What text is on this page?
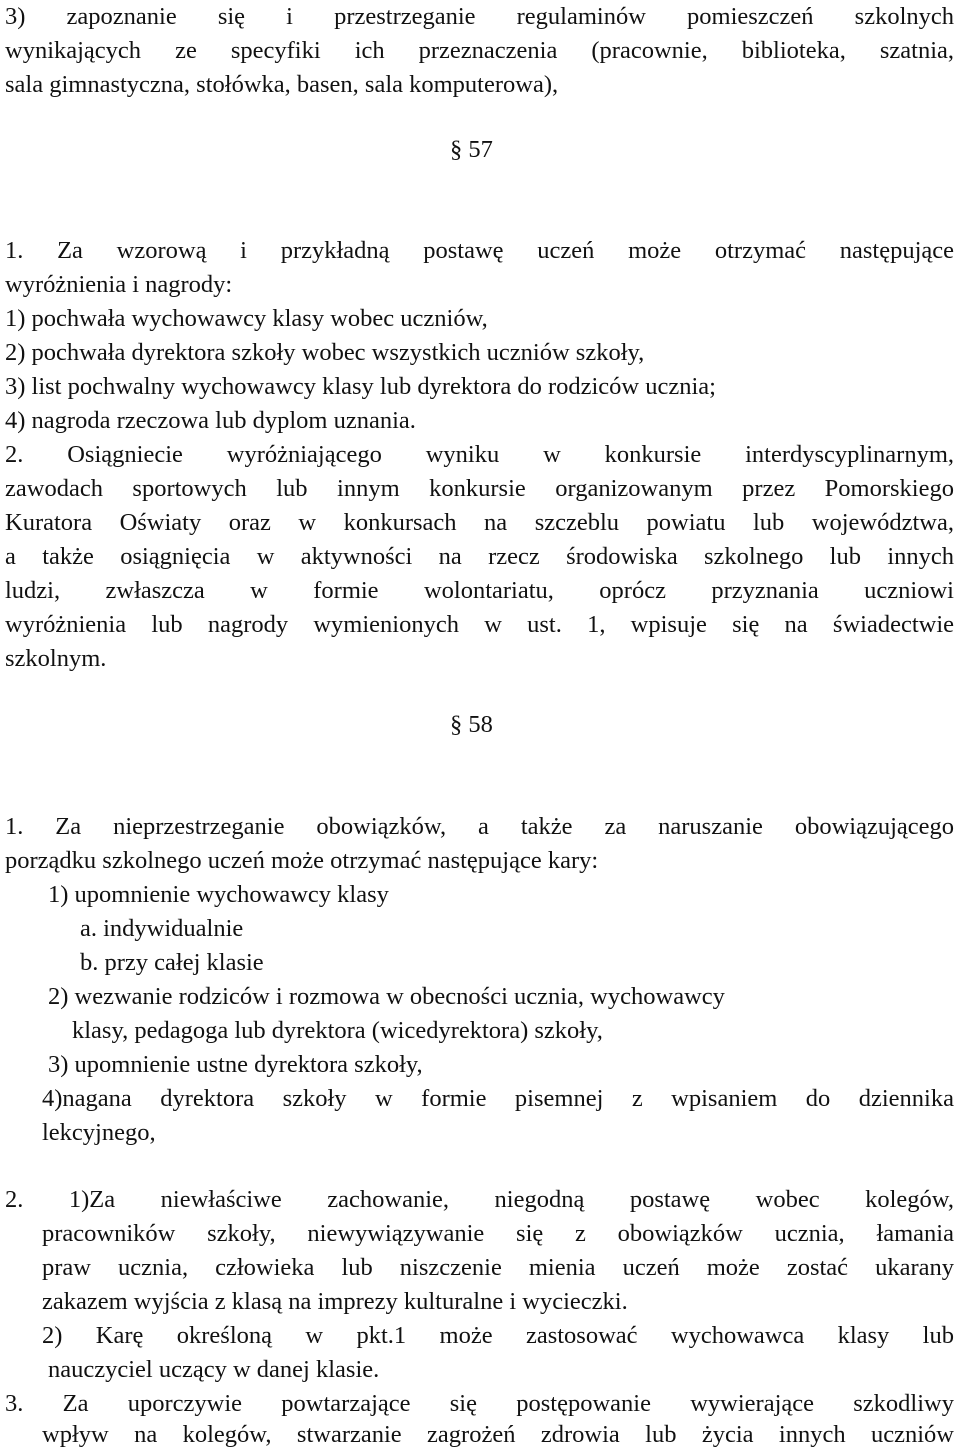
3) zapoznanie się i przestrzeganie regulaminów pomieszczeń szkolnych
wynikających ze specyfiki ich przeznaczenia (pracownie, biblioteka, szatnia,
sala gimnastyczna, stołówka, basen, sala komputerowa),
§ 57
1. Za wzorową i przykładną postawę uczeń może otrzymać następujące
wyróżnienia i nagrody:
1) pochwała wychowawcy klasy wobec uczniów,
2) pochwała dyrektora szkoły wobec wszystkich uczniów szkoły,
3) list pochwalny wychowawcy klasy lub dyrektora do rodziców ucznia;
4) nagroda rzeczowa lub dyplom uznania.
2. Osiągniecie wyróżniającego wyniku w konkursie interdyscyplinarnym,
zawodach sportowych lub innym konkursie organizowanym przez Pomorskiego
Kuratora Oświaty oraz w konkursach na szczeblu powiatu lub województwa,
a także osiągnięcia w aktywności na rzecz środowiska szkolnego lub innych
ludzi, zwłaszcza w formie wolontariatu, oprócz przyznania uczniowi
wyróżnienia lub nagrody wymienionych w ust. 1, wpisuje się na świadectwie
szkolnym.
§ 58
1. Za nieprzestrzeganie obowiązków, a także za naruszanie obowiązującego
porządku szkolnego uczeń może otrzymać następujące kary:
1) upomnienie wychowawcy klasy
a. indywidualnie
b. przy całej klasie
2) wezwanie rodziców i rozmowa w obecności ucznia, wychowawcy
klasy, pedagoga lub dyrektora (wicedyrektora) szkoły,
3) upomnienie ustne dyrektora szkoły,
4)nagana dyrektora szkoły w formie pisemnej z wpisaniem do dziennika
lekcyjnego,
2. 1)Za niewłaściwe zachowanie, niegodną postawę wobec kolegów,
pracowników szkoły, niewywiązywanie się z obowiązków ucznia, łamania
praw ucznia, człowieka lub niszczenie mienia uczeń może zostać ukarany
zakazem wyjścia z klasą na imprezy kulturalne i wycieczki.
2) Karę określoną w pkt.1 może zastosować wychowawca klasy lub
nauczyciel uczący w danej klasie.
3. Za uporczywie powtarzające się postępowanie wywierające szkodliwy
wpływ na kolegów, stwarzanie zagrożeń zdrowia lub życia innych uczniów
